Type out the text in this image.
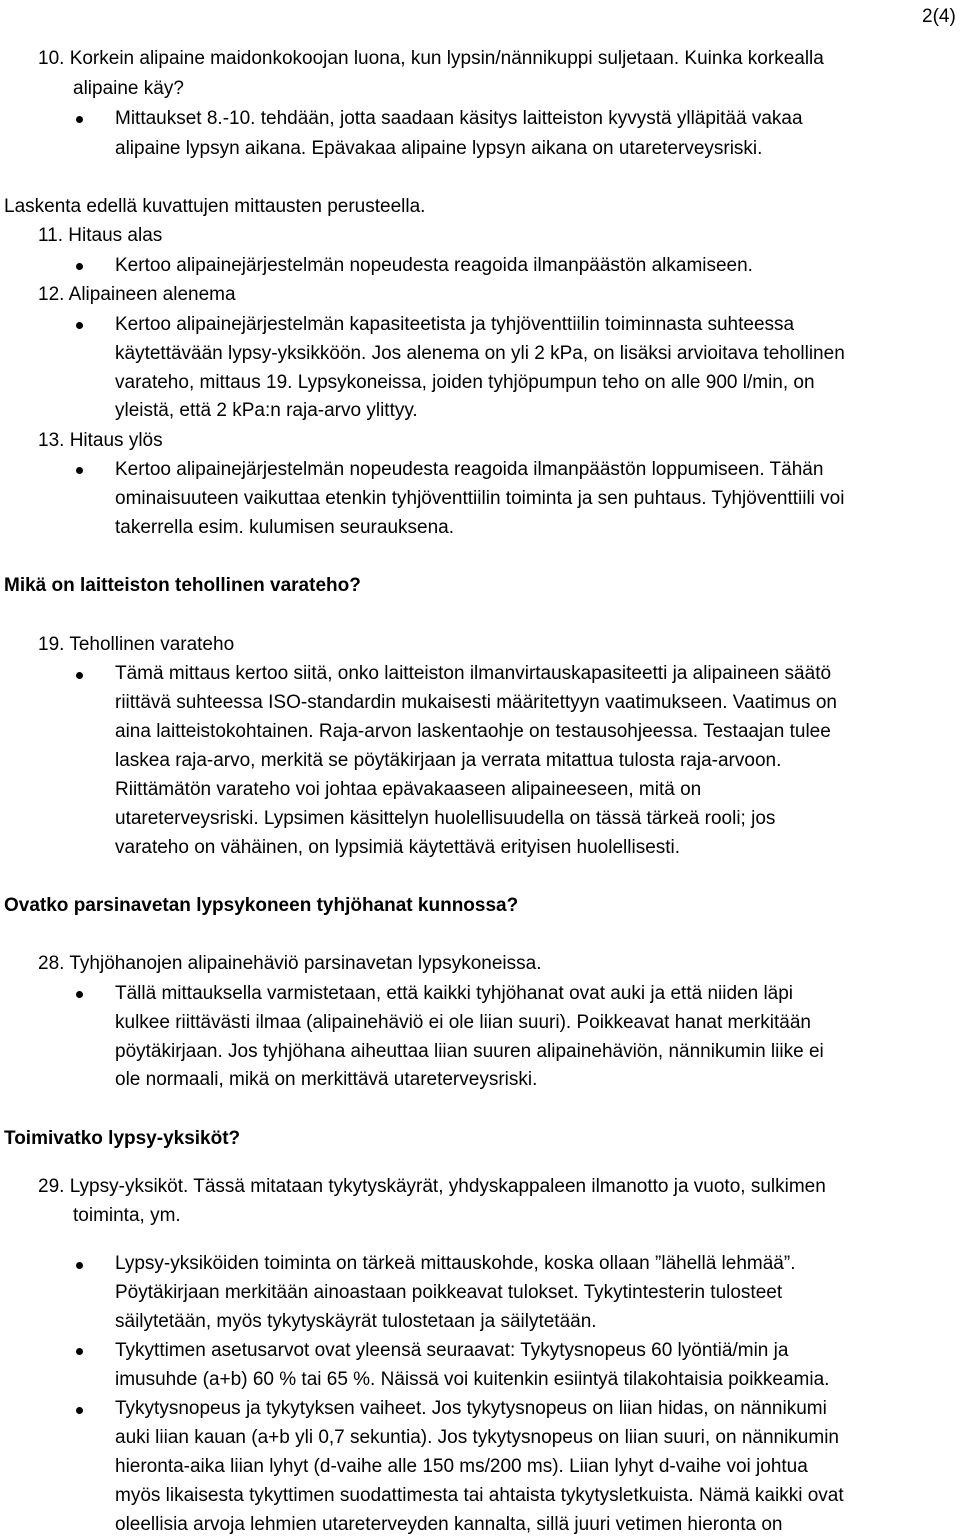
2(4)
10. Korkein alipaine maidonkokoojan luona, kun lypsin/nännikuppi suljetaan. Kuinka korkealla
alipaine käy?
Mittaukset 8.-10. tehdään, jotta saadaan käsitys laitteiston kyvystä ylläpitää vakaa
alipaine lypsyn aikana. Epävakaa alipaine lypsyn aikana on utareterveysriski.
Laskenta edellä kuvattujen mittausten perusteella.
11. Hitaus alas
Kertoo alipainejärjestelmän nopeudesta reagoida ilmanpäästön alkamiseen.
12. Alipaineen alenema
Kertoo alipainejärjestelmän kapasiteetista ja tyhjöventtiilin toiminnasta suhteessa
käytettävään lypsy-yksikköön. Jos alenema on yli 2 kPa, on lisäksi arvioitava tehollinen
varateho, mittaus 19. Lypsykoneissa, joiden tyhjöpumpun teho on alle 900 l/min, on
yleistä, että 2 kPa:n raja-arvo ylittyy.
13. Hitaus ylös
Kertoo alipainejärjestelmän nopeudesta reagoida ilmanpäästön loppumiseen. Tähän
ominaisuuteen vaikuttaa etenkin tyhjöventtiilin toiminta ja sen puhtaus. Tyhjöventtiili voi
takerrella esim. kulumisen seurauksena.
Mikä on laitteiston tehollinen varateho?
19. Tehollinen varateho
Tämä mittaus kertoo siitä, onko laitteiston ilmanvirtauskapasiteetti ja alipaineen säätö
riittävä suhteessa ISO-standardin mukaisesti määritettyyn vaatimukseen. Vaatimus on
aina laitteistokohtainen. Raja-arvon laskentaohje on testausohjeessa. Testaajan tulee
laskea raja-arvo, merkitä se pöytäkirjaan ja verrata mitattua tulosta raja-arvoon.
Riittämätön varateho voi johtaa epävakaaseen alipaineeseen, mitä on
utareterveysriski. Lypsimen käsittelyn huolellisuudella on tässä tärkeä rooli; jos
varateho on vähäinen, on lypsimiä käytettävä erityisen huolellisesti.
Ovatko parsinavetan lypsykoneen tyhjöhanat kunnossa?
28. Tyhjöhanojen alipainehäviö parsinavetan lypsykoneissa.
Tällä mittauksella varmistetaan, että kaikki tyhjöhanat ovat auki ja että niiden läpi
kulkee riittävästi ilmaa (alipainehäviö ei ole liian suuri). Poikkeavat hanat merkitään
pöytäkirjaan. Jos tyhjöhana aiheuttaa liian suuren alipainehäviön, nännikumin liike ei
ole normaali, mikä on merkittävä utareterveysriski.
Toimivatko lypsy-yksiköt?
29. Lypsy-yksiköt. Tässä mitataan tykytyskäyrät, yhdyskappaleen ilmanotto ja vuoto, sulkimen
toiminta, ym.
Lypsy-yksiköiden toiminta on tärkeä mittauskohde, koska ollaan ”lähellä lehmää”.
Pöytäkirjaan merkitään ainoastaan poikkeavat tulokset. Tykytintesterin tulosteet
säilytetään, myös tykytyskäyrät tulostetaan ja säilytetään.
Tykyttimen asetusarvot ovat yleensä seuraavat: Tykytysnopeus 60 lyöntiä/min ja
imusuhde (a+b) 60 % tai 65 %. Näissä voi kuitenkin esiintyä tilakohtaisia poikkeamia.
Tykytysnopeus ja tykytyksen vaiheet. Jos tykytysnopeus on liian hidas, on nännikumi
auki liian kauan (a+b yli 0,7 sekuntia). Jos tykytysnopeus on liian suuri, on nännikumin
hieronta-aika liian lyhyt (d-vaihe alle 150 ms/200 ms). Liian lyhyt d-vaihe voi johtua
myös likaisesta tykyttimen suodattimesta tai ahtaista tykytysletkuista. Nämä kaikki ovat
oleellisia arvoja lehmien utareterveyden kannalta, sillä juuri vetimen hieronta on
